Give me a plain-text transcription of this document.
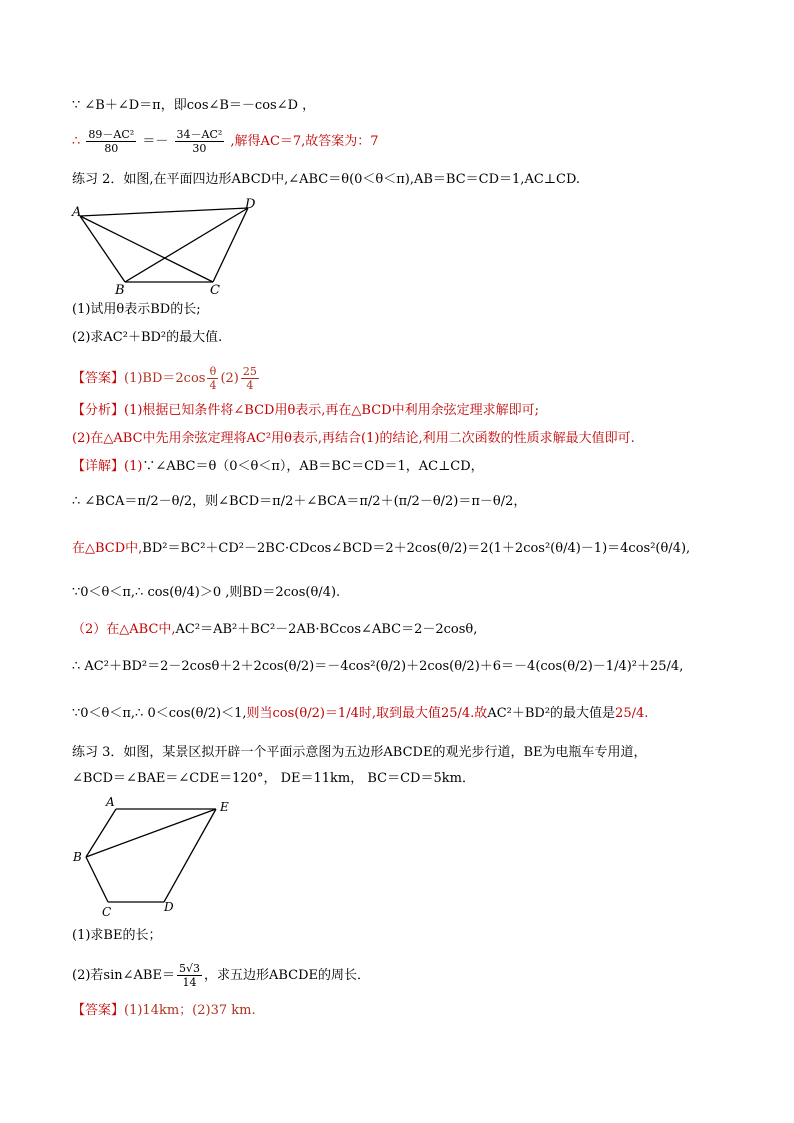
∵ ∠B＋∠D＝π，即cos∠B＝－cos∠D ，
∴ $\frac{\text{89－AC²}}{80} =- \frac{\text{34－AC²}}{30}$ ,解得AC＝7,故答案为：7
练习 2．如图,在平面四边形ABCD中,∠ABC＝θ(0＜θ＜π),AB＝BC＝CD＝1,AC⊥CD.
A
D
B	C
(1)试用θ表示BD的长;
(2)求AC²＋BD²的最大值.
【答案】$(1)BD=2\cos \frac{\theta}{4} (2) \frac{25}{4}$
【分析】(1)根据已知条件将∠BCD用θ表示,再在△BCD中利用余弦定理求解即可;
(2)在△ABC中先用余弦定理将AC²用θ表示,再结合(1)的结论,利用二次函数的性质求解最大值即可.
【详解】(1)∵∠ABC＝θ（0＜θ＜π），AB＝BC＝CD＝1，AC⊥CD，
∴ ∠BCA＝π/2－θ/2，则∠BCD＝π/2＋∠BCA＝π/2＋(π/2－θ/2)＝π－θ/2，
在△BCD中,BD²＝BC²＋CD²－2BC·CDcos∠BCD＝2＋2cos(θ/2)＝2(1＋2cos²(θ/4)－1)＝4cos²(θ/4),
∵0＜θ＜π,∴ cos(θ/4)＞0 ,则BD＝2cos(θ/4).
（2）在△ABC中,AC²＝AB²＋BC²－2AB·BCcos∠ABC＝2－2cosθ,
∴ AC²＋BD²＝2－2cosθ＋2＋2cos(θ/2)＝－4cos²(θ/2)＋2cos(θ/2)＋6＝－4(cos(θ/2)－1/4)²＋25/4,
∵0＜θ＜π,∴ 0＜cos(θ/2)＜1,则当cos(θ/2)＝1/4时,取到最大值25/4.故AC²＋BD²的最大值是25/4.
练习 3．如图，某景区拟开辟一个平面示意图为五边形ABCDE的观光步行道，BE为电瓶车专用道，
∠BCD＝∠BAE＝∠CDE＝120°， DE＝11km， BC＝CD＝5km．
A	E
B
C	D
(1)求BE的长；
(2)若sin∠ABE＝ $\frac{5√3}{14}$ ，求五边形ABCDE的周长．
【答案】(1)14km；(2)37 km.
